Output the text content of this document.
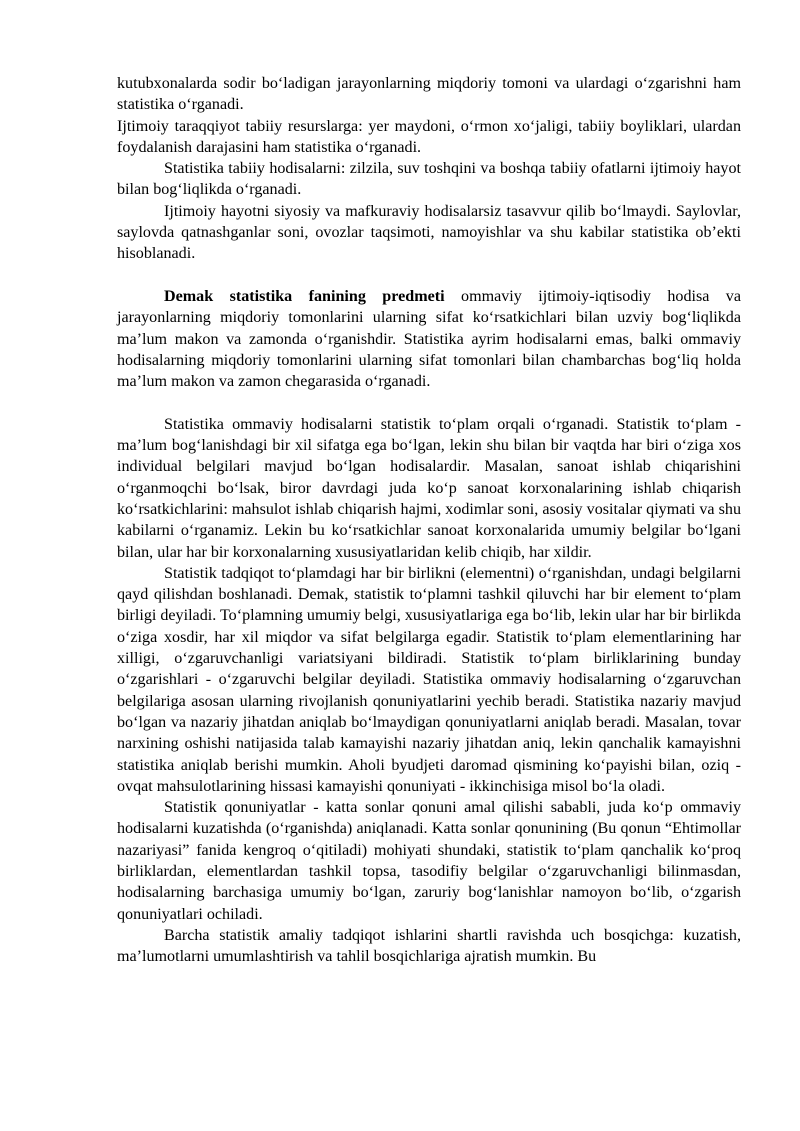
kutubxonalarda sodir bo‘ladigan jarayonlarning miqdoriy tomoni va ulardagi o‘zgarishni ham statistika o‘rganadi.

Ijtimoiy taraqqiyot tabiiy resurslarga: yer maydoni, o‘rmon xo‘jaligi, tabiiy boyliklari, ulardan foydalanish darajasini ham statistika o‘rganadi.

Statistika tabiiy hodisalarni: zilzila, suv toshqini va boshqa tabiiy ofatlarni ijtimoiy hayot bilan bog‘liqlikda o‘rganadi.

Ijtimoiy hayotni siyosiy va mafkuraviy hodisalarsiz tasavvur qilib bo‘lmaydi. Saylovlar, saylovda qatnashganlar soni, ovozlar taqsimoti, namoyishlar va shu kabilar statistika ob’ekti hisoblanadi.

Demak statistika fanining predmeti ommaviy ijtimoiy-iqtisodiy hodisa va jarayonlarning miqdoriy tomonlarini ularning sifat ko‘rsatkichlari bilan uzviy bog‘liqlikda ma’lum makon va zamonda o‘rganishdir. Statistika ayrim hodisalarni emas, balki ommaviy hodisalarning miqdoriy tomonlarini ularning sifat tomonlari bilan chambarchas bog‘liq holda ma’lum makon va zamon chegarasida o‘rganadi.

Statistika ommaviy hodisalarni statistik to‘plam orqali o‘rganadi. Statistik to‘plam - ma’lum bog‘lanishdagi bir xil sifatga ega bo‘lgan, lekin shu bilan bir vaqtda har biri o‘ziga xos individual belgilari mavjud bo‘lgan hodisalardir. Masalan, sanoat ishlab chiqarishini o‘rganmoqchi bo‘lsak, biror davrdagi juda ko‘p sanoat korxonalarining ishlab chiqarish ko‘rsatkichlarini: mahsulot ishlab chiqarish hajmi, xodimlar soni, asosiy vositalar qiymati va shu kabilarni o‘rganamiz. Lekin bu ko‘rsatkichlar sanoat korxonalarida umumiy belgilar bo‘lgani bilan, ular har bir korxonalarning xususiyatlaridan kelib chiqib, har xildir.

Statistik tadqiqot to‘plamdagi har bir birlikni (elementni) o‘rganishdan, undagi belgilarni qayd qilishdan boshlanadi. Demak, statistik to‘plamni tashkil qiluvchi har bir element to‘plam birligi deyiladi. To‘plamning umumiy belgi, xususiyatlariga ega bo‘lib, lekin ular har bir birlikda o‘ziga xosdir, har xil miqdor va sifat belgilarga egadir. Statistik to‘plam elementlarining har xilligi, o‘zgaruvchanligi variatsiyani bildiradi. Statistik to‘plam birliklarining bunday o‘zgarishlari - o‘zgaruvchi belgilar deyiladi. Statistika ommaviy hodisalarning o‘zgaruvchan belgilariga asosan ularning rivojlanish qonuniyatlarini yechib beradi. Statistika nazariy mavjud bo‘lgan va nazariy jihatdan aniqlab bo‘lmaydigan qonuniyatlarni aniqlab beradi. Masalan, tovar narxining oshishi natijasida talab kamayishi nazariy jihatdan aniq, lekin qanchalik kamayishni statistika aniqlab berishi mumkin. Aholi byudjeti daromad qismining ko‘payishi bilan, oziq - ovqat mahsulotlarining hissasi kamayishi qonuniyati - ikkinchisiga misol bo‘la oladi.

Statistik qonuniyatlar - katta sonlar qonuni amal qilishi sababli, juda ko‘p ommaviy hodisalarni kuzatishda (o‘rganishda) aniqlanadi. Katta sonlar qonunining (Bu qonun “Ehtimollar nazariyasi” fanida kengroq o‘qitiladi) mohiyati shundaki, statistik to‘plam qanchalik ko‘proq birliklardan, elementlardan tashkil topsa, tasodifiy belgilar o‘zgaruvchanligi bilinmasdan, hodisalarning barchasiga umumiy bo‘lgan, zaruriy bog‘lanishlar namoyon bo‘lib, o‘zgarish qonuniyatlari ochiladi.

Barcha statistik amaliy tadqiqot ishlarini shartli ravishda uch bosqichga: kuzatish, ma’lumotlarni umumlashtirish va tahlil bosqichlariga ajratish mumkin. Bu
